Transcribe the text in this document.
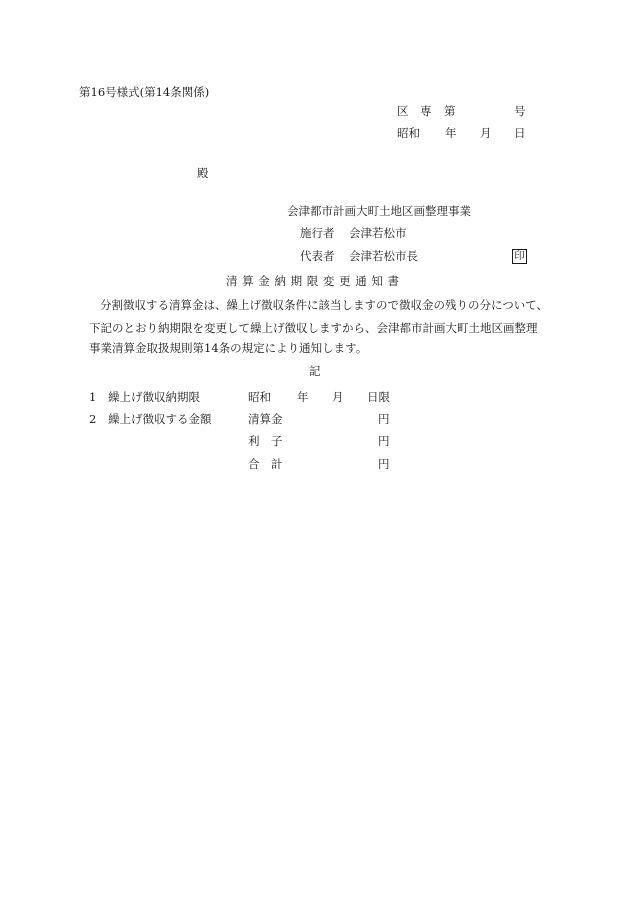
第16号様式(第14条関係)
区 専 第	号
昭和 年 月 日
殿
会津都市計画大町土地区画整理事業
施行者 会津若松市
代表者 会津若松市長	印
清 算 金 納 期 限 変 更 通 知 書
分割徴収する清算金は、繰上げ徴収条件に該当しますので徴収金の残りの分について、
下記のとおり納期限を変更して繰上げ徴収しますから、会津都市計画大町土地区画整理
事業清算金取扱規則第14条の規定により通知します。
記
1 繰上げ徴収納期限	昭和 年 月 日限
2 繰上げ徴収する金額	清算金	円
利　子	円
合　計	円
